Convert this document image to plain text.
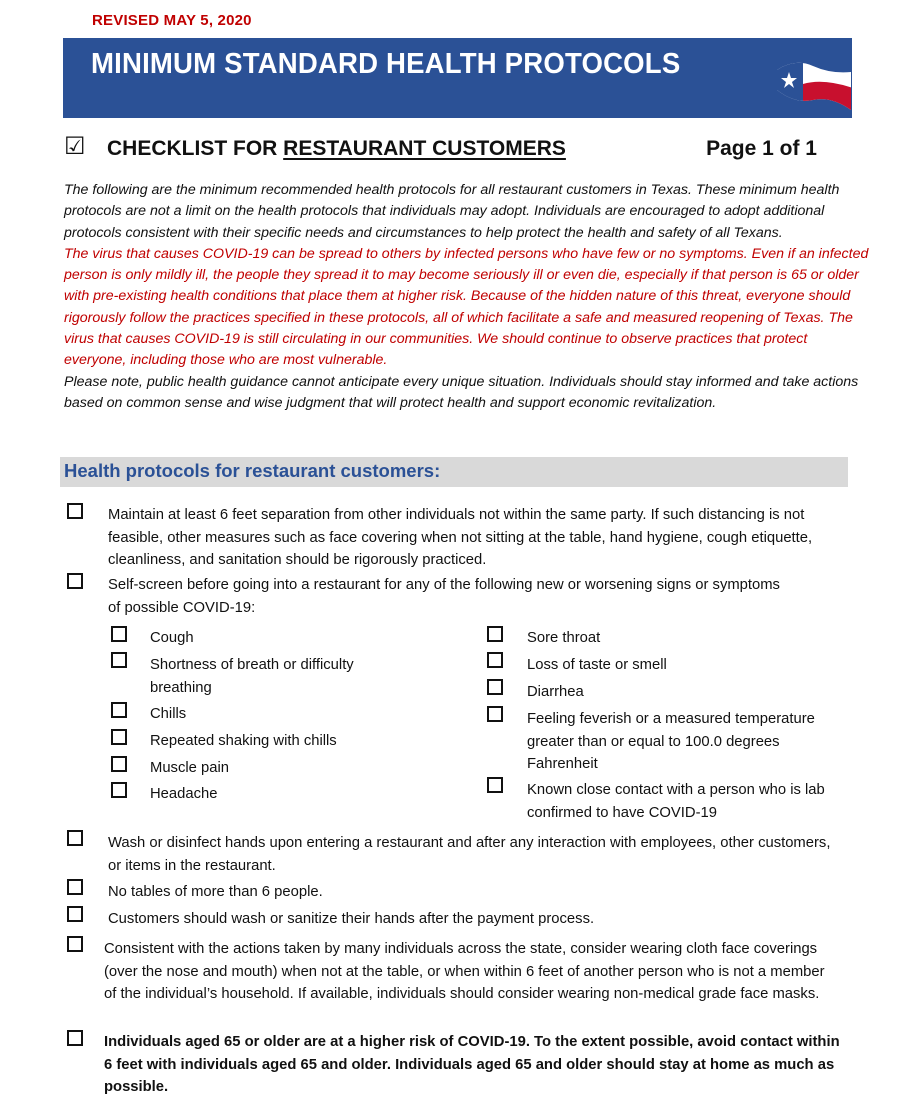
REVISED MAY 5, 2020
MINIMUM STANDARD HEALTH PROTOCOLS
☑ CHECKLIST FOR RESTAURANT CUSTOMERS	Page 1 of 1

The following are the minimum recommended health protocols for all restaurant customers in Texas. These minimum health protocols are not a limit on the health protocols that individuals may adopt. Individuals are encouraged to adopt additional protocols consistent with their specific needs and circumstances to help protect the health and safety of all Texans.

The virus that causes COVID-19 can be spread to others by infected persons who have few or no symptoms. Even if an infected person is only mildly ill, the people they spread it to may become seriously ill or even die, especially if that person is 65 or older with pre-existing health conditions that place them at higher risk. Because of the hidden nature of this threat, everyone should rigorously follow the practices specified in these protocols, all of which facilitate a safe and measured reopening of Texas. The virus that causes COVID-19 is still circulating in our communities. We should continue to observe practices that protect everyone, including those who are most vulnerable.

Please note, public health guidance cannot anticipate every unique situation. Individuals should stay informed and take actions based on common sense and wise judgment that will protect health and support economic revitalization.

Health protocols for restaurant customers:
Maintain at least 6 feet separation from other individuals not within the same party. If such distancing is not feasible, other measures such as face covering when not sitting at the table, hand hygiene, cough etiquette, cleanliness, and sanitation should be rigorously practiced.
Self-screen before going into a restaurant for any of the following new or worsening signs or symptoms of possible COVID-19:
Cough
Shortness of breath or difficulty breathing
Chills
Repeated shaking with chills
Muscle pain
Headache
Sore throat
Loss of taste or smell
Diarrhea
Feeling feverish or a measured temperature greater than or equal to 100.0 degrees Fahrenheit
Known close contact with a person who is lab confirmed to have COVID-19
Wash or disinfect hands upon entering a restaurant and after any interaction with employees, other customers, or items in the restaurant.
No tables of more than 6 people.
Customers should wash or sanitize their hands after the payment process.
Consistent with the actions taken by many individuals across the state, consider wearing cloth face coverings (over the nose and mouth) when not at the table, or when within 6 feet of another person who is not a member of the individual’s household. If available, individuals should consider wearing non-medical grade face masks.
Individuals aged 65 or older are at a higher risk of COVID-19. To the extent possible, avoid contact within 6 feet with individuals aged 65 and older. Individuals aged 65 and older should stay at home as much as possible.
